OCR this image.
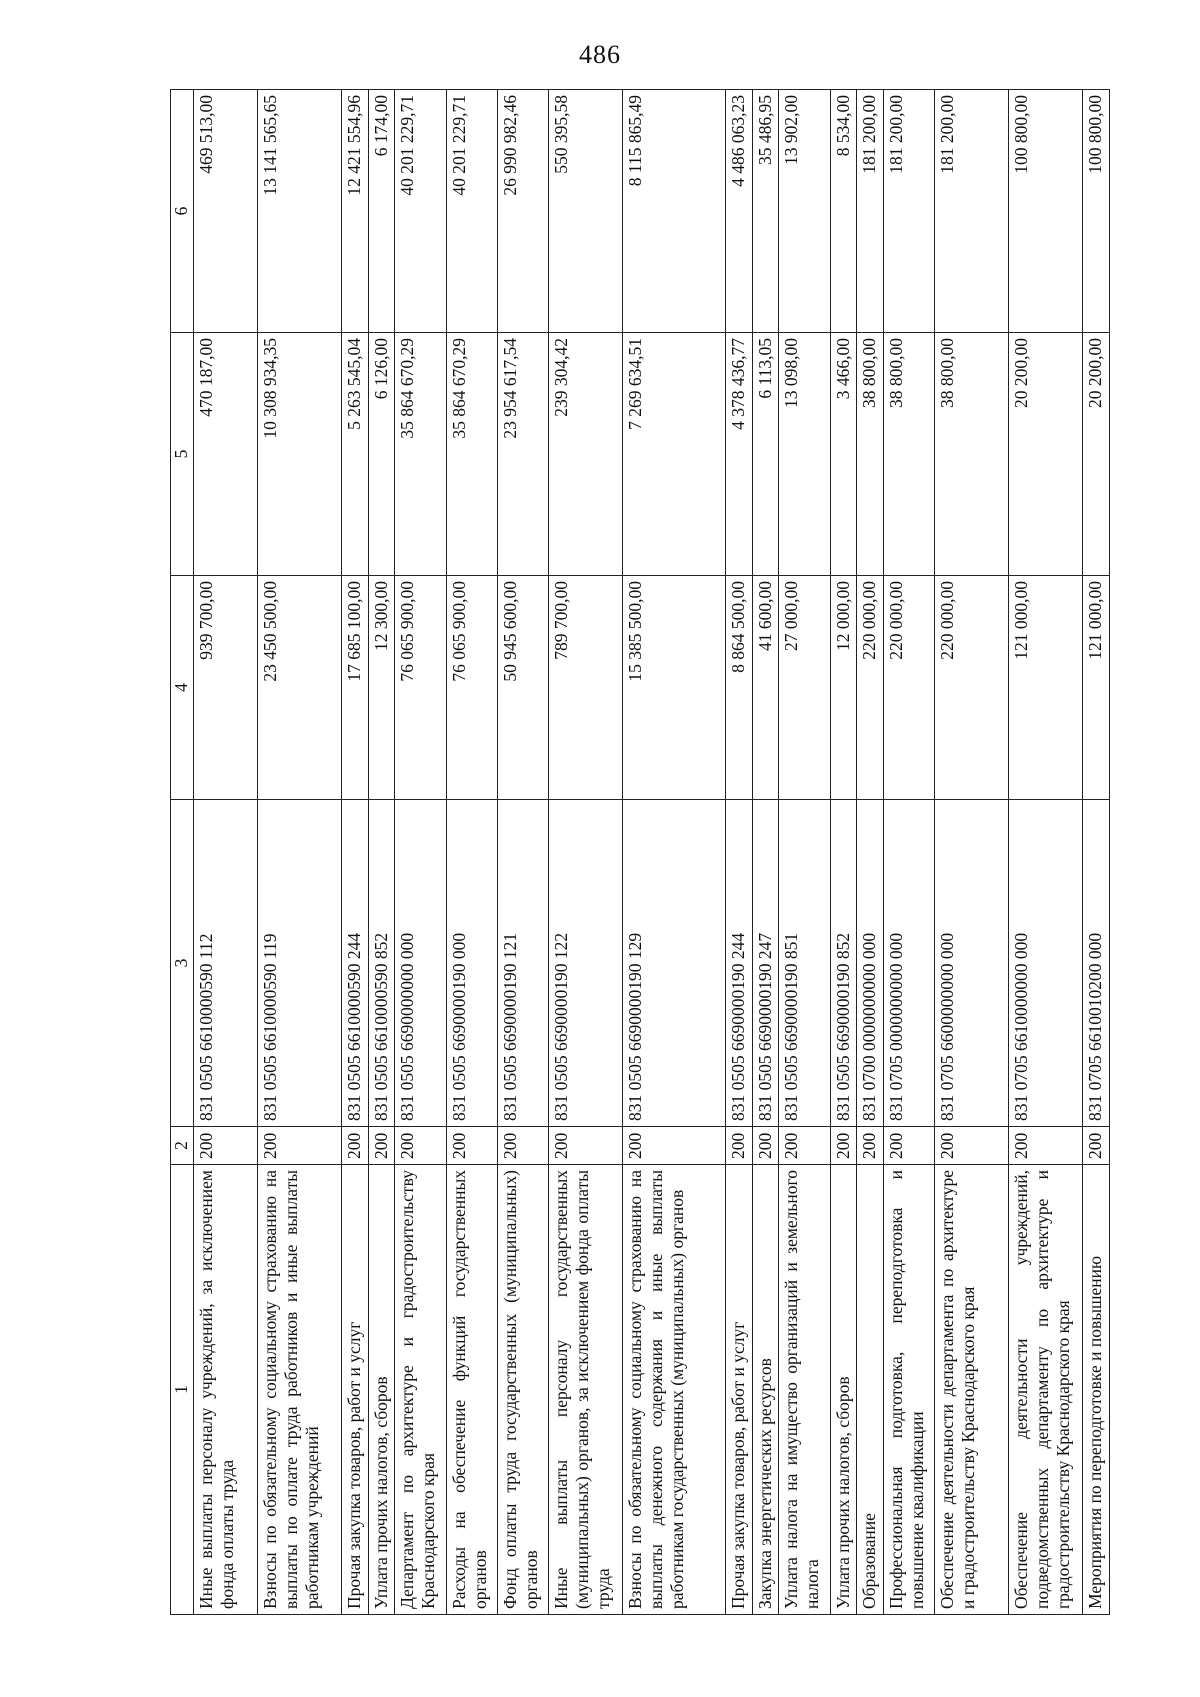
486
1	2	3	4	5	6
Иные выплаты персоналу учреждений, за исключением фонда оплаты труда	200	831 0505 6610000590 112	939 700,00	470 187,00	469 513,00
Взносы по обязательному социальному страхованию на выплаты по оплате труда работников и иные выплаты работникам учреждений	200	831 0505 6610000590 119	23 450 500,00	10 308 934,35	13 141 565,65
Прочая закупка товаров, работ и услуг	200	831 0505 6610000590 244	17 685 100,00	5 263 545,04	12 421 554,96
Уплата прочих налогов, сборов	200	831 0505 6610000590 852	12 300,00	6 126,00	6 174,00
Департамент по архитектуре и градостроительству Краснодарского края	200	831 0505 6690000000 000	76 065 900,00	35 864 670,29	40 201 229,71
Расходы на обеспечение функций государственных органов	200	831 0505 6690000190 000	76 065 900,00	35 864 670,29	40 201 229,71
Фонд оплаты труда государственных (муниципальных) органов	200	831 0505 6690000190 121	50 945 600,00	23 954 617,54	26 990 982,46
Иные выплаты персоналу государственных (муниципальных) органов, за исключением фонда оплаты труда	200	831 0505 6690000190 122	789 700,00	239 304,42	550 395,58
Взносы по обязательному социальному страхованию на выплаты денежного содержания и иные выплаты работникам государственных (муниципальных) органов	200	831 0505 6690000190 129	15 385 500,00	7 269 634,51	8 115 865,49
Прочая закупка товаров, работ и услуг	200	831 0505 6690000190 244	8 864 500,00	4 378 436,77	4 486 063,23
Закупка энергетических ресурсов	200	831 0505 6690000190 247	41 600,00	6 113,05	35 486,95
Уплата налога на имущество организаций и земельного налога	200	831 0505 6690000190 851	27 000,00	13 098,00	13 902,00
Уплата прочих налогов, сборов	200	831 0505 6690000190 852	12 000,00	3 466,00	8 534,00
Образование	200	831 0700 0000000000 000	220 000,00	38 800,00	181 200,00
Профессиональная подготовка, переподготовка и повышение квалификации	200	831 0705 0000000000 000	220 000,00	38 800,00	181 200,00
Обеспечение деятельности департамента по архитектуре и градостроительству Краснодарского края	200	831 0705 6600000000 000	220 000,00	38 800,00	181 200,00
Обеспечение деятельности учреждений, подведомственных департаменту по архитектуре и градостроительству Краснодарского края	200	831 0705 6610000000 000	121 000,00	20 200,00	100 800,00
Мероприятия по переподготовке и повышению	200	831 0705 6610010200 000	121 000,00	20 200,00	100 800,00
